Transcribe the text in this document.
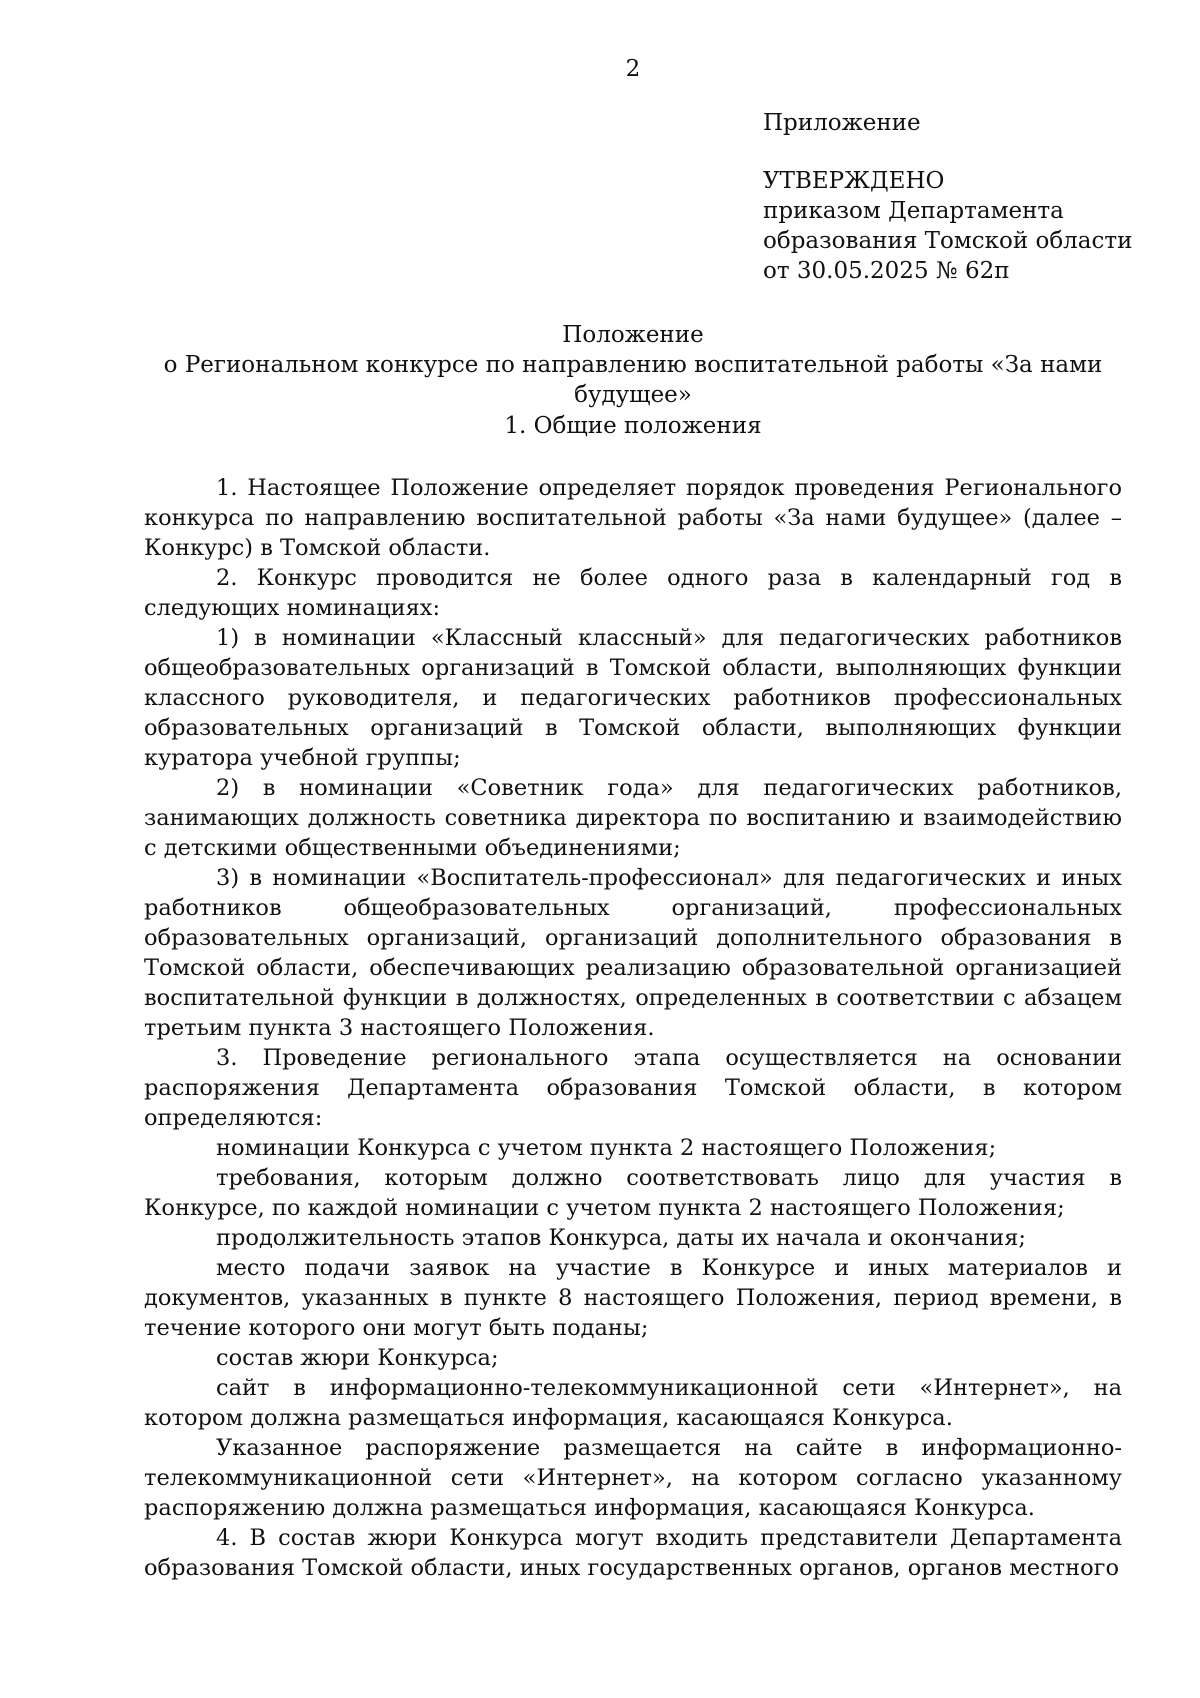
2
Приложение
УТВЕРЖДЕНО
приказом Департамента
образования Томской области
от 30.05.2025 № 62п
Положение
о Региональном конкурсе по направлению воспитательной работы «За нами будущее»
1. Общие положения

1. Настоящее Положение определяет порядок проведения Регионального конкурса по направлению воспитательной работы «За нами будущее» (далее – Конкурс) в Томской области.

2. Конкурс проводится не более одного раза в календарный год в следующих номинациях:

1) в номинации «Классный классный» для педагогических работников общеобразовательных организаций в Томской области, выполняющих функции классного руководителя, и педагогических работников профессиональных образовательных организаций в Томской области, выполняющих функции куратора учебной группы;

2) в номинации «Советник года» для педагогических работников, занимающих должность советника директора по воспитанию и взаимодействию с детскими общественными объединениями;

3) в номинации «Воспитатель-профессионал» для педагогических и иных работников общеобразовательных организаций, профессиональных образовательных организаций, организаций дополнительного образования в Томской области, обеспечивающих реализацию образовательной организацией воспитательной функции в должностях, определенных в соответствии с абзацем третьим пункта 3 настоящего Положения.

3. Проведение регионального этапа осуществляется на основании распоряжения Департамента образования Томской области, в котором определяются:

номинации Конкурса с учетом пункта 2 настоящего Положения;

требования, которым должно соответствовать лицо для участия в Конкурсе, по каждой номинации с учетом пункта 2 настоящего Положения;

продолжительность этапов Конкурса, даты их начала и окончания;

место подачи заявок на участие в Конкурсе и иных материалов и документов, указанных в пункте 8 настоящего Положения, период времени, в течение которого они могут быть поданы;

состав жюри Конкурса;

сайт в информационно-телекоммуникационной сети «Интернет», на котором должна размещаться информация, касающаяся Конкурса.

Указанное распоряжение размещается на сайте в информационно-телекоммуникационной сети «Интернет», на котором согласно указанному распоряжению должна размещаться информация, касающаяся Конкурса.

4. В состав жюри Конкурса могут входить представители Департамента образования Томской области, иных государственных органов, органов местного
